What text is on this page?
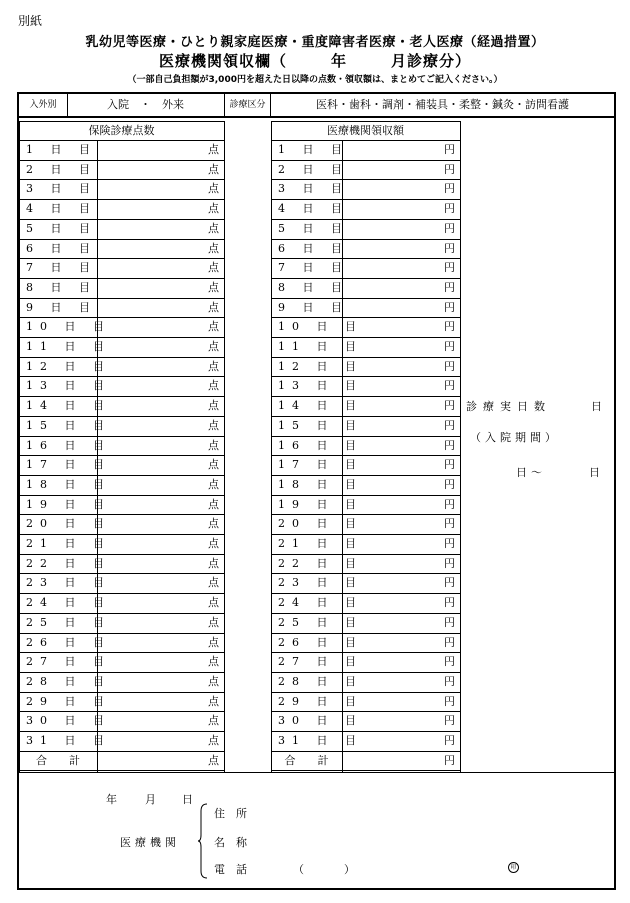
別紙
乳幼児等医療・ひとり親家庭医療・重度障害者医療・老人医療（経過措置）
医療機関領収欄（	年	月診療分）
（一部自己負担額が3,000円を超えた日以降の点数・領収額は、まとめてご記入ください。）
入外別	入院　・　外来	診療区分	医科・歯科・調剤・補装具・柔整・鍼灸・訪問看護
保険診療点数	医療機関領収額
1 日 目	点	1 日 目	円
2 日 目	点	2 日 目	円
3 日 目	点	3 日 目	円
4 日 目	点	4 日 目	円
5 日 目	点	5 日 目	円
6 日 目	点	6 日 目	円
7 日 目	点	7 日 目	円
8 日 目	点	8 日 目	円
9 日 目	点	9 日 目	円
10 日 目	点	10 日 目	円
11 日 目	点	11 日 目	円
12 日 目	点	12 日 目	円
13 日 目	点	13 日 目	円
14 日 目	点	14 日 目	円
15 日 目	点	15 日 目	円
16 日 目	点	16 日 目	円
17 日 目	点	17 日 目	円
18 日 目	点	18 日 目	円
19 日 目	点	19 日 目	円
20 日 目	点	20 日 目	円
21 日 目	点	21 日 目	円
22 日 目	点	22 日 目	円
23 日 目	点	23 日 目	円
24 日 目	点	24 日 目	円
25 日 目	点	25 日 目	円
26 日 目	点	26 日 目	円
27 日 目	点	27 日 目	円
28 日 目	点	28 日 目	円
29 日 目	点	29 日 目	円
30 日 目	点	30 日 目	円
31 日 目	点	31 日 目	円
合　　計	点	合　　計	円
診療実日数	日
（入院期間）
日 〜	日
年	月 日
医療機関
住　所
名　称
電　話	（	）	印
